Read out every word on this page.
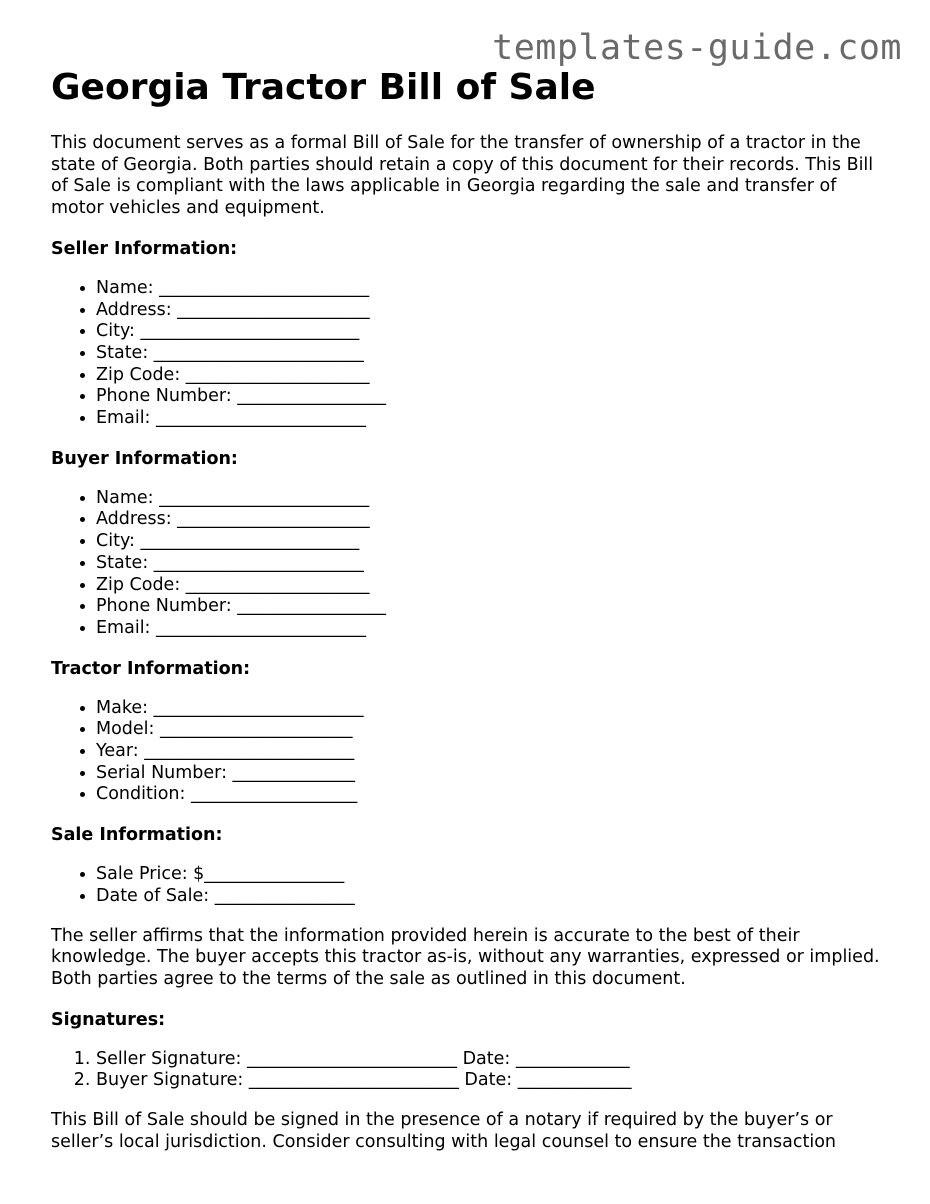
templates-guide.com
Georgia Tractor Bill of Sale

This document serves as a formal Bill of Sale for the transfer of ownership of a tractor in the state of Georgia. Both parties should retain a copy of this document for their records. This Bill of Sale is compliant with the laws applicable in Georgia regarding the sale and transfer of motor vehicles and equipment.

Seller Information:
• Name: ________________________
• Address: ______________________
• City: _________________________
• State: ________________________
• Zip Code: _____________________
• Phone Number: _________________
• Email: ________________________
Buyer Information:
• Name: ________________________
• Address: ______________________
• City: _________________________
• State: ________________________
• Zip Code: _____________________
• Phone Number: _________________
• Email: ________________________
Tractor Information:
• Make: ________________________
• Model: ______________________
• Year: ________________________
• Serial Number: ______________
• Condition: ___________________
Sale Information:
• Sale Price: $________________
• Date of Sale: ________________

The seller affirms that the information provided herein is accurate to the best of their knowledge. The buyer accepts this tractor as-is, without any warranties, expressed or implied. Both parties agree to the terms of the sale as outlined in this document.

Signatures:
1. Seller Signature: ________________________ Date: _____________
2. Buyer Signature: ________________________ Date: _____________

This Bill of Sale should be signed in the presence of a notary if required by the buyer’s or seller’s local jurisdiction. Consider consulting with legal counsel to ensure the transaction
